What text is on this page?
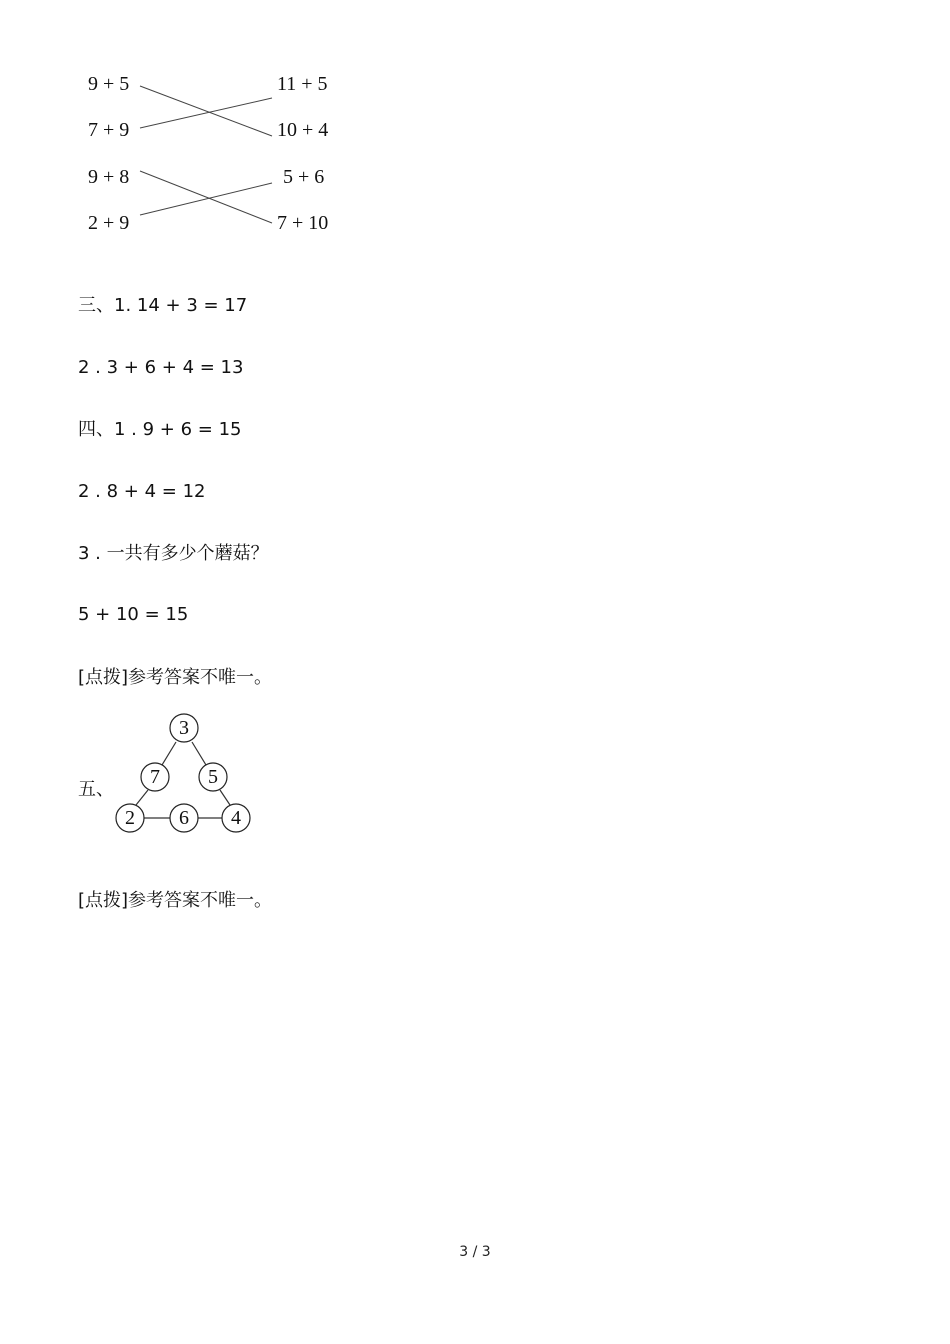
9 + 5
7 + 9
9 + 8
2 + 9
11 + 5
10 + 4
5 + 6
7 + 10
三、1. 14 + 3 = 17
2 . 3 + 6 + 4 = 13
四、1 . 9 + 6 = 15
2 . 8 + 4 = 12
3 . 一共有多少个蘑菇？
5 + 10 = 15
[点拨]参考答案不唯一。
五、
3
7	5
2	6	4
[点拨]参考答案不唯一。
3 / 3
